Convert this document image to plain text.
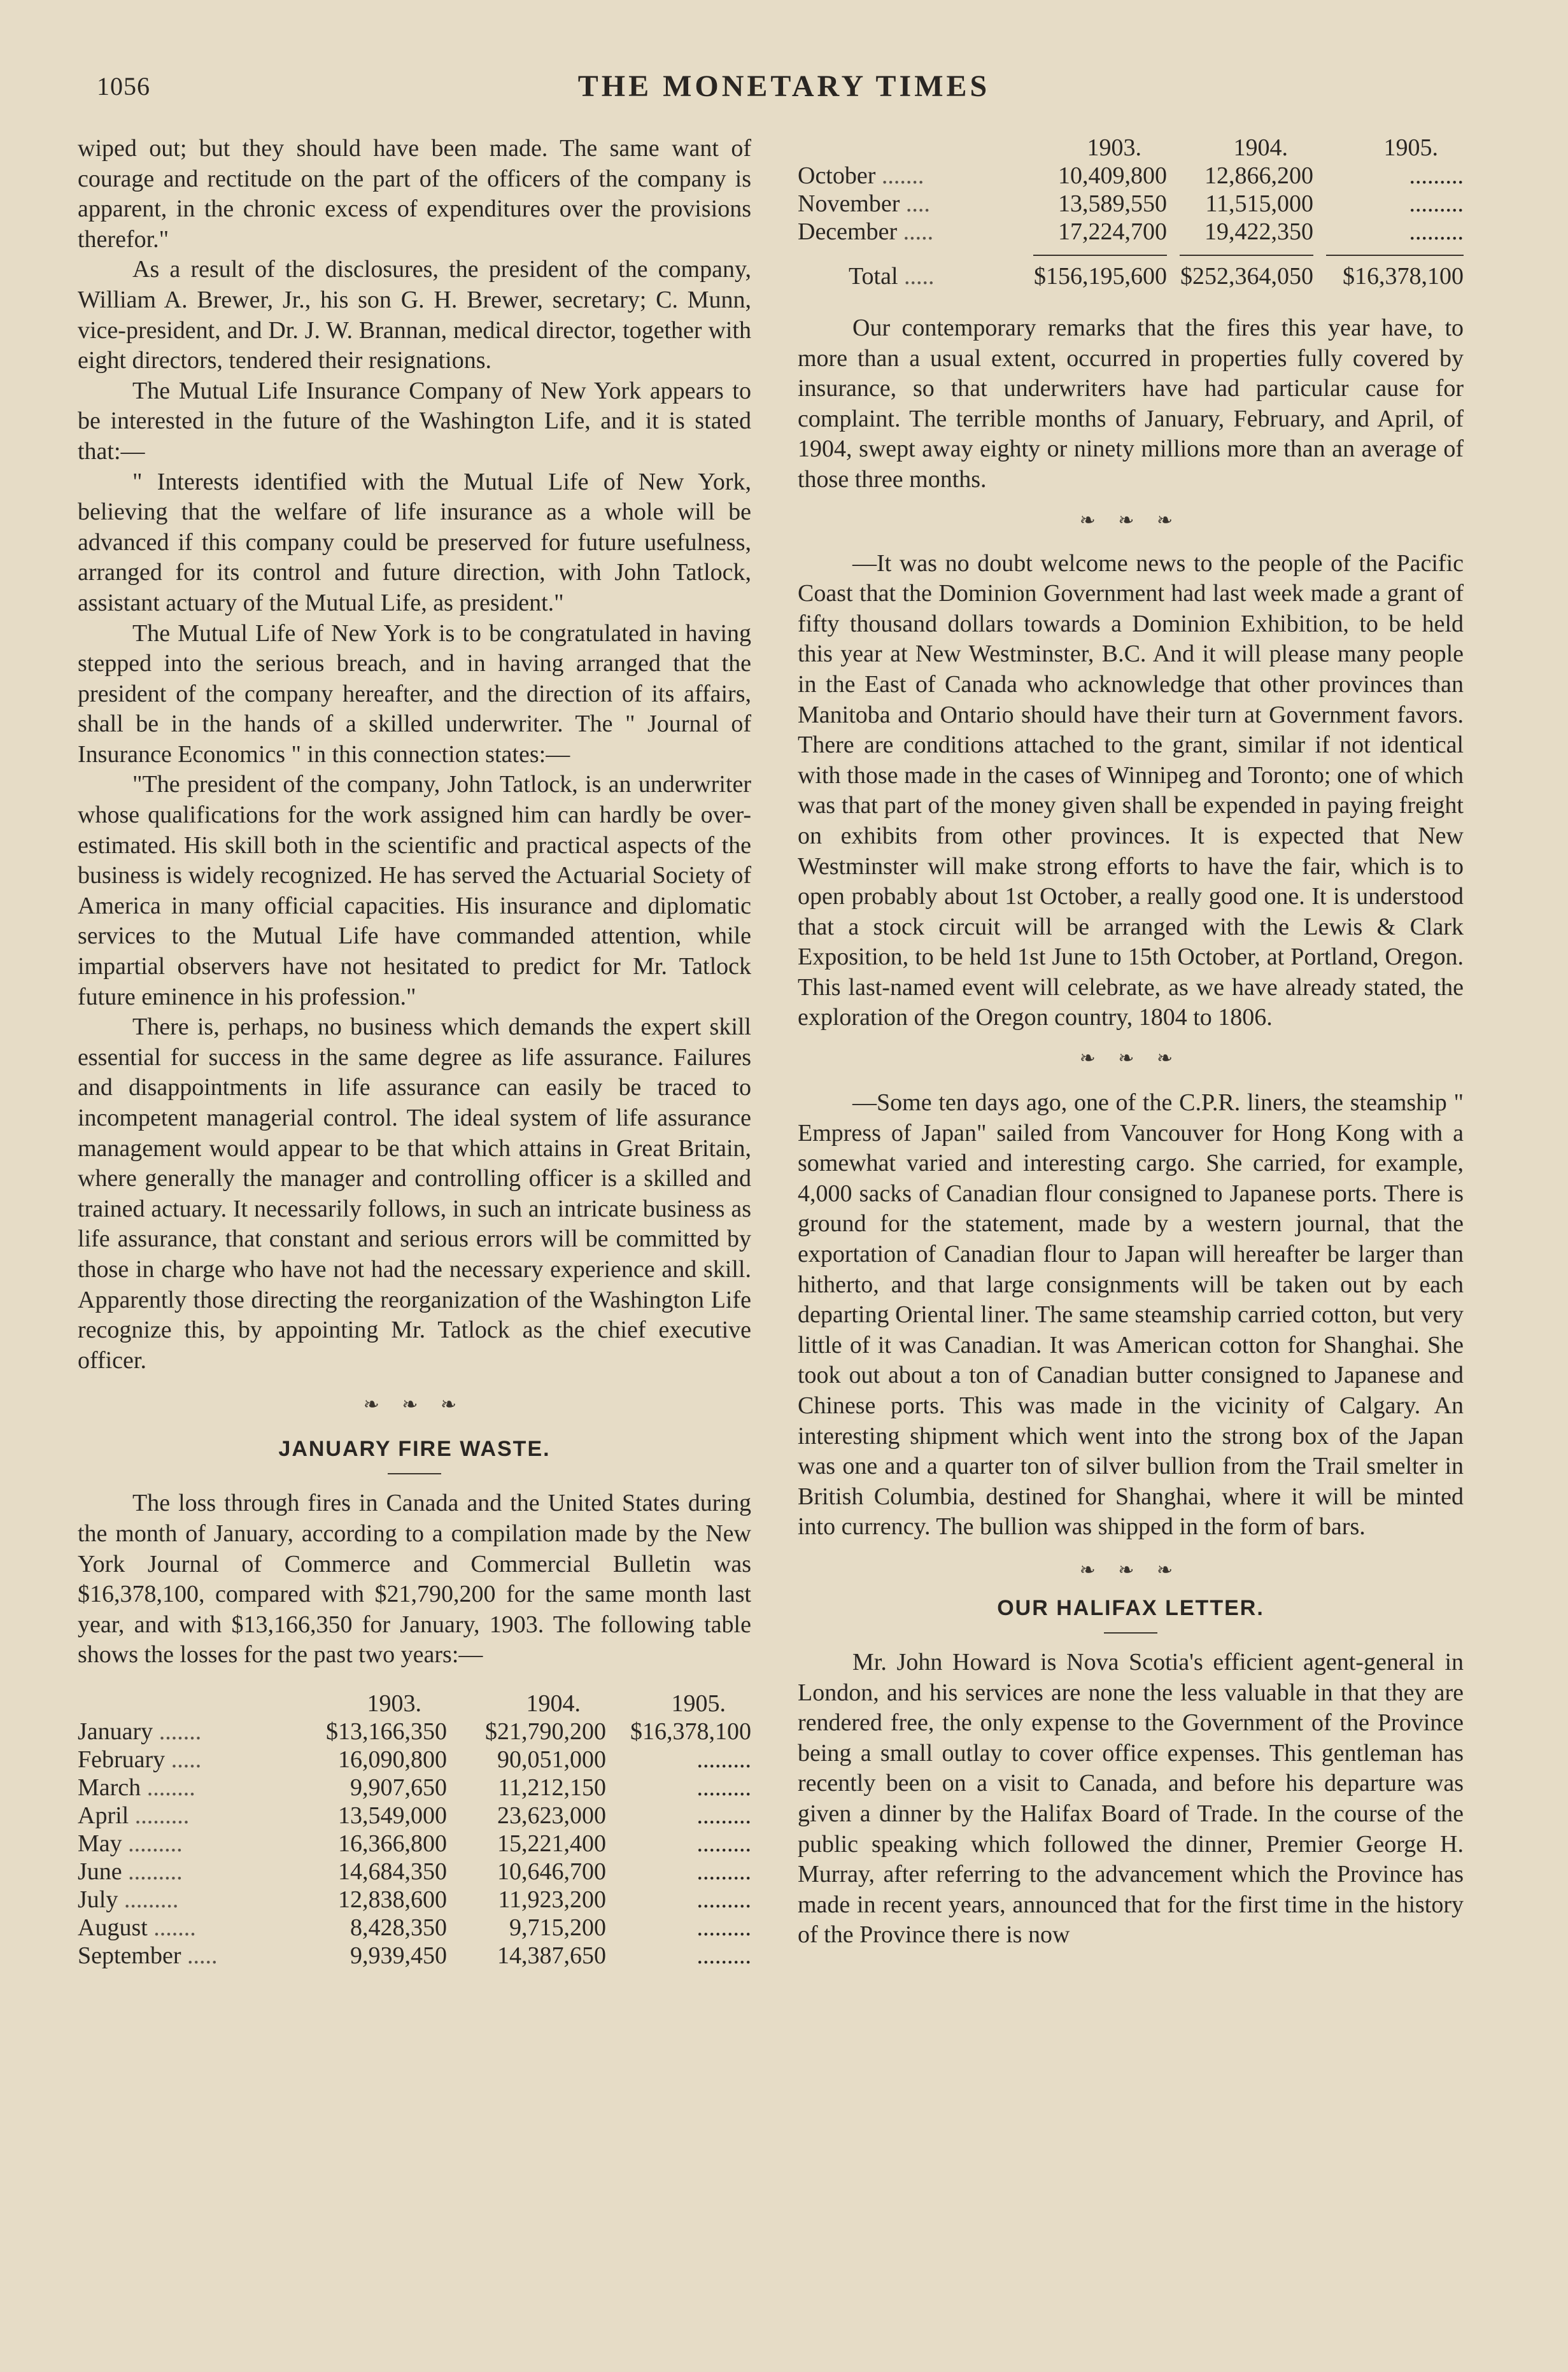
1056	THE MONETARY TIMES

wiped out; but they should have been made. The same want of courage and rectitude on the part of the officers of the company is apparent, in the chronic excess of expenditures over the provisions therefor."

As a result of the disclosures, the president of the company, William A. Brewer, Jr., his son G. H. Brewer, secretary; C. Munn, vice-president, and Dr. J. W. Brannan, medical director, together with eight directors, tendered their resignations.

The Mutual Life Insurance Company of New York appears to be interested in the future of the Washington Life, and it is stated that:—

" Interests identified with the Mutual Life of New York, believing that the welfare of life insurance as a whole will be advanced if this company could be preserved for future usefulness, arranged for its control and future direction, with John Tatlock, assistant actuary of the Mutual Life, as president."

The Mutual Life of New York is to be congratulated in having stepped into the serious breach, and in having arranged that the president of the company hereafter, and the direction of its affairs, shall be in the hands of a skilled underwriter. The " Journal of Insurance Economics " in this connection states:—

"The president of the company, John Tatlock, is an underwriter whose qualifications for the work assigned him can hardly be over-estimated. His skill both in the scientific and practical aspects of the business is widely recognized. He has served the Actuarial Society of America in many official capacities. His insurance and diplomatic services to the Mutual Life have commanded attention, while impartial observers have not hesitated to predict for Mr. Tatlock future eminence in his profession."

There is, perhaps, no business which demands the expert skill essential for success in the same degree as life assurance. Failures and disappointments in life assurance can easily be traced to incompetent managerial control. The ideal system of life assurance management would appear to be that which attains in Great Britain, where generally the manager and controlling officer is a skilled and trained actuary. It necessarily follows, in such an intricate business as life assurance, that constant and serious errors will be committed by those in charge who have not had the necessary experience and skill. Apparently those directing the reorganization of the Washington Life recognize this, by appointing Mr. Tatlock as the chief executive officer.

❧ ❧ ❧
JANUARY FIRE WASTE.

The loss through fires in Canada and the United States during the month of January, according to a compilation made by the New York Journal of Commerce and Commercial Bulletin was $16,378,100, compared with $21,790,200 for the same month last year, and with $13,166,350 for January, 1903. The following table shows the losses for the past two years:—

	1903.	1904.	1905.
January .......	$13,166,350	$21,790,200	$16,378,100
February .....	16,090,800	90,051,000	.........
March ........	9,907,650	11,212,150	.........
April .........	13,549,000	23,623,000	.........
May .........	16,366,800	15,221,400	.........
June .........	14,684,350	10,646,700	.........
July .........	12,838,600	11,923,200	.........
August .......	8,428,350	9,715,200	.........
September .....	9,939,450	14,387,650	.........
	1903.	1904.	1905.
October .......	10,409,800	12,866,200	.........
November ....	13,589,550	11,515,000	.........
December .....	17,224,700	19,422,350	.........

Total .....	$156,195,600	$252,364,050	$16,378,100

Our contemporary remarks that the fires this year have, to more than a usual extent, occurred in properties fully covered by insurance, so that underwriters have had particular cause for complaint. The terrible months of January, February, and April, of 1904, swept away eighty or ninety millions more than an average of those three months.

❧ ❧ ❧

—It was no doubt welcome news to the people of the Pacific Coast that the Dominion Government had last week made a grant of fifty thousand dollars towards a Dominion Exhibition, to be held this year at New Westminster, B.C. And it will please many people in the East of Canada who acknowledge that other provinces than Manitoba and Ontario should have their turn at Government favors. There are conditions attached to the grant, similar if not identical with those made in the cases of Winnipeg and Toronto; one of which was that part of the money given shall be expended in paying freight on exhibits from other provinces. It is expected that New Westminster will make strong efforts to have the fair, which is to open probably about 1st October, a really good one. It is understood that a stock circuit will be arranged with the Lewis & Clark Exposition, to be held 1st June to 15th October, at Portland, Oregon. This last-named event will celebrate, as we have already stated, the exploration of the Oregon country, 1804 to 1806.

❧ ❧ ❧

—Some ten days ago, one of the C.P.R. liners, the steamship " Empress of Japan" sailed from Vancouver for Hong Kong with a somewhat varied and interesting cargo. She carried, for example, 4,000 sacks of Canadian flour consigned to Japanese ports. There is ground for the statement, made by a western journal, that the exportation of Canadian flour to Japan will hereafter be larger than hitherto, and that large consignments will be taken out by each departing Oriental liner. The same steamship carried cotton, but very little of it was Canadian. It was American cotton for Shanghai. She took out about a ton of Canadian butter consigned to Japanese and Chinese ports. This was made in the vicinity of Calgary. An interesting shipment which went into the strong box of the Japan was one and a quarter ton of silver bullion from the Trail smelter in British Columbia, destined for Shanghai, where it will be minted into currency. The bullion was shipped in the form of bars.

❧ ❧ ❧
OUR HALIFAX LETTER.

Mr. John Howard is Nova Scotia's efficient agent-general in London, and his services are none the less valuable in that they are rendered free, the only expense to the Government of the Province being a small outlay to cover office expenses. This gentleman has recently been on a visit to Canada, and before his departure was given a dinner by the Halifax Board of Trade. In the course of the public speaking which followed the dinner, Premier George H. Murray, after referring to the advancement which the Province has made in recent years, announced that for the first time in the history of the Province there is now
